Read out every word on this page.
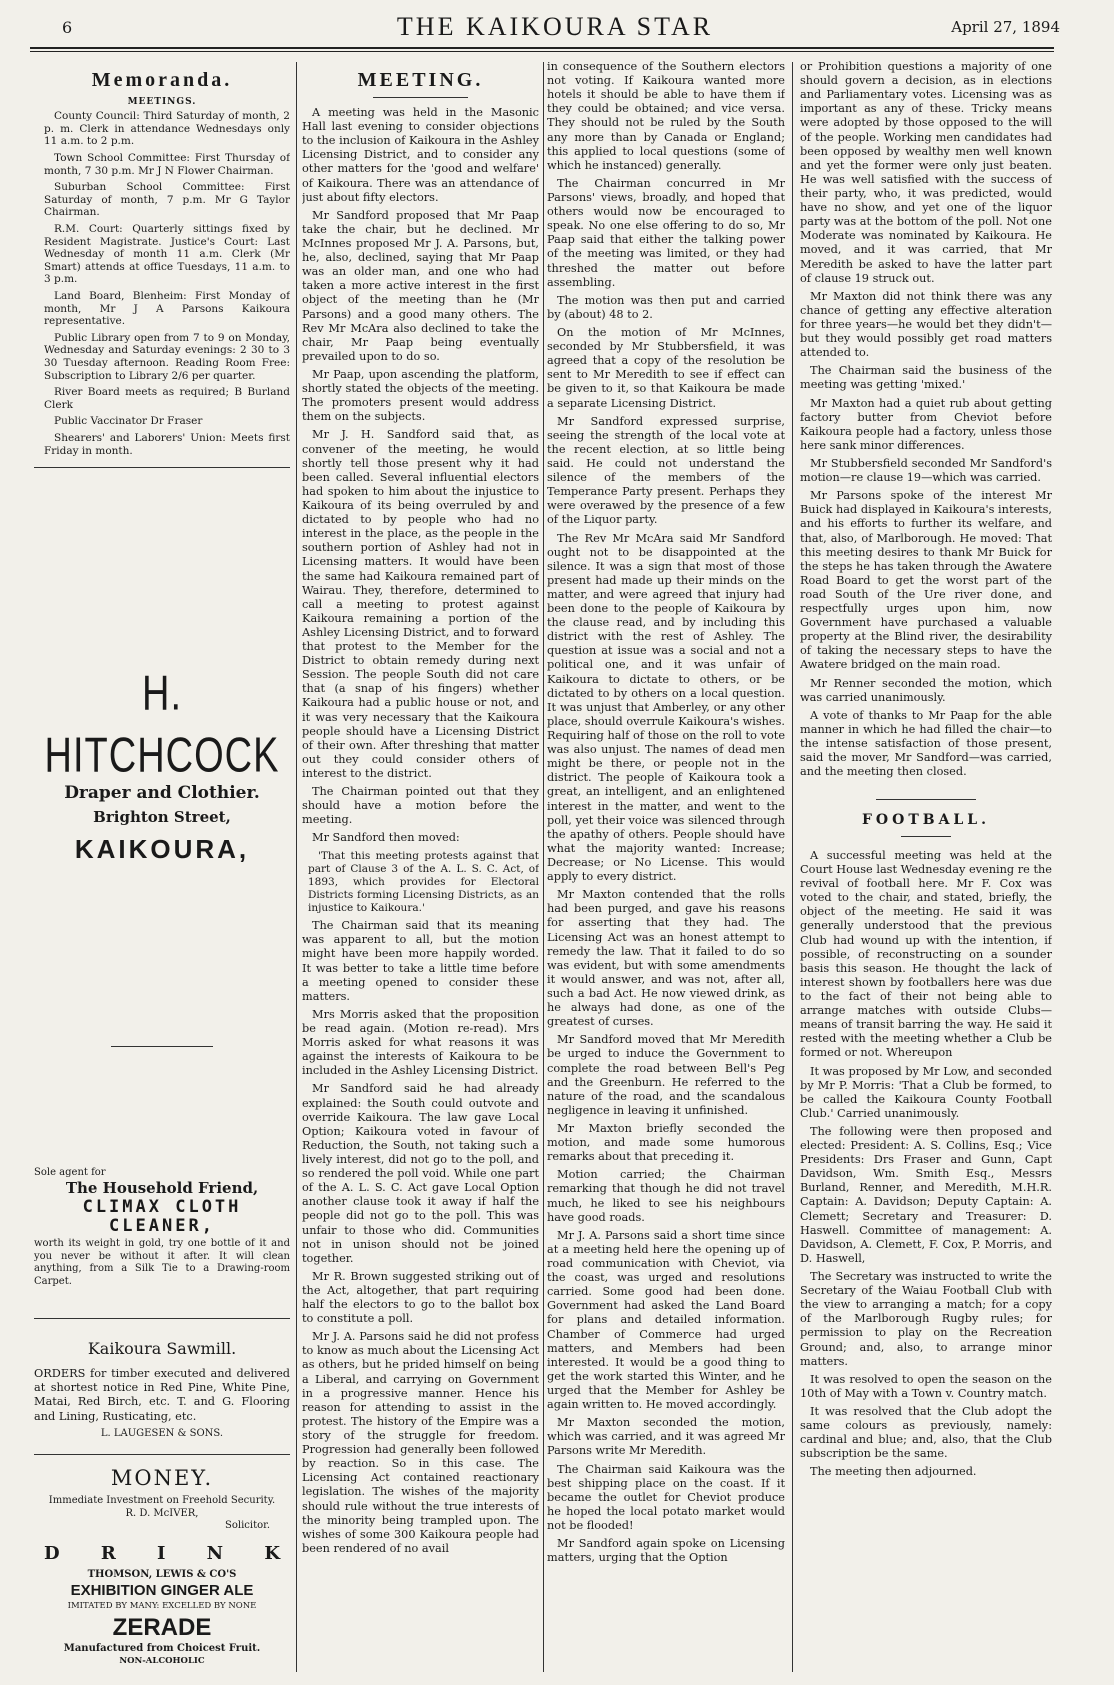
6	THE KAIKOURA STAR	April 27, 1894
Memoranda.
MEETINGS.

County Council: Third Saturday of month, 2 p. m. Clerk in attendance Wednesdays only 11 a.m. to 2 p.m.

Town School Committee: First Thursday of month, 7 30 p.m. Mr J N Flower Chairman.

Suburban School Committee: First Saturday of month, 7 p.m. Mr G Taylor Chairman.

R.M. Court: Quarterly sittings fixed by Resident Magistrate. Justice's Court: Last Wednesday of month 11 a.m. Clerk (Mr Smart) attends at office Tuesdays, 11 a.m. to 3 p.m.

Land Board, Blenheim: First Monday of month, Mr J A Parsons Kaikoura representative.

Public Library open from 7 to 9 on Monday, Wednesday and Saturday evenings: 2 30 to 3 30 Tuesday afternoon. Reading Room Free: Subscription to Library 2/6 per quarter.

River Board meets as required; B Burland Clerk

Public Vaccinator Dr Fraser

Shearers' and Laborers' Union: Meets first Friday in month.

H. HITCHCOCK
Draper and Clothier.
Brighton Street,
KAIKOURA,
Sole agent for
The Household Friend,
CLIMAX CLOTH
CLEANER,

worth its weight in gold, try one bottle of it and you never be without it after. It will clean anything, from a Silk Tie to a Drawing-room Carpet.

Kaikoura Sawmill.

ORDERS for timber executed and delivered at shortest notice in Red Pine, White Pine, Matai, Red Birch, etc. T. and G. Flooring and Lining, Rusticating, etc.

L. LAUGESEN & SONS.
MONEY.
Immediate Investment on Freehold Security.
R. D. McIVER,
Solicitor.
D R I N K
THOMSON, LEWIS & CO'S
EXHIBITION GINGER ALE
IMITATED BY MANY: EXCELLED BY NONE
ZERADE
Manufactured from Choicest Fruit.
NON-ALCOHOLIC
MEETING.

A meeting was held in the Masonic Hall last evening to consider objections to the inclusion of Kaikoura in the Ashley Licensing District, and to consider any other matters for the 'good and welfare' of Kaikoura. There was an attendance of just about fifty electors.

Mr Sandford proposed that Mr Paap take the chair, but he declined. Mr McInnes proposed Mr J. A. Parsons, but, he, also, declined, saying that Mr Paap was an older man, and one who had taken a more active interest in the first object of the meeting than he (Mr Parsons) and a good many others. The Rev Mr McAra also declined to take the chair, Mr Paap being eventually prevailed upon to do so.

Mr Paap, upon ascending the platform, shortly stated the objects of the meeting. The promoters present would address them on the subjects.

Mr J. H. Sandford said that, as convener of the meeting, he would shortly tell those present why it had been called. Several influential electors had spoken to him about the injustice to Kaikoura of its being overruled by and dictated to by people who had no interest in the place, as the people in the southern portion of Ashley had not in Licensing matters. It would have been the same had Kaikoura remained part of Wairau. They, therefore, determined to call a meeting to protest against Kaikoura remaining a portion of the Ashley Licensing District, and to forward that protest to the Member for the District to obtain remedy during next Session. The people South did not care that (a snap of his fingers) whether Kaikoura had a public house or not, and it was very necessary that the Kaikoura people should have a Licensing District of their own. After threshing that matter out they could consider others of interest to the district.

The Chairman pointed out that they should have a motion before the meeting.

Mr Sandford then moved:

'That this meeting protests against that part of Clause 3 of the A. L. S. C. Act, of 1893, which provides for Electoral Districts forming Licensing Districts, as an injustice to Kaikoura.'

The Chairman said that its meaning was apparent to all, but the motion might have been more happily worded. It was better to take a little time before a meeting opened to consider these matters.

Mrs Morris asked that the proposition be read again. (Motion re-read). Mrs Morris asked for what reasons it was against the interests of Kaikoura to be included in the Ashley Licensing District.

Mr Sandford said he had already explained: the South could outvote and override Kaikoura. The law gave Local Option; Kaikoura voted in favour of Reduction, the South, not taking such a lively interest, did not go to the poll, and so rendered the poll void. While one part of the A. L. S. C. Act gave Local Option another clause took it away if half the people did not go to the poll. This was unfair to those who did. Communities not in unison should not be joined together.

Mr R. Brown suggested striking out of the Act, altogether, that part requiring half the electors to go to the ballot box to constitute a poll.

Mr J. A. Parsons said he did not profess to know as much about the Licensing Act as others, but he prided himself on being a Liberal, and carrying on Government in a progressive manner. Hence his reason for attending to assist in the protest. The history of the Empire was a story of the struggle for freedom. Progression had generally been followed by reaction. So in this case. The Licensing Act contained reactionary legislation. The wishes of the majority should rule without the true interests of the minority being trampled upon. The wishes of some 300 Kaikoura people had been rendered of no avail

in consequence of the Southern electors not voting. If Kaikoura wanted more hotels it should be able to have them if they could be obtained; and vice versa. They should not be ruled by the South any more than by Canada or England; this applied to local questions (some of which he instanced) generally.

The Chairman concurred in Mr Parsons' views, broadly, and hoped that others would now be encouraged to speak. No one else offering to do so, Mr Paap said that either the talking power of the meeting was limited, or they had threshed the matter out before assembling.

The motion was then put and carried by (about) 48 to 2.

On the motion of Mr McInnes, seconded by Mr Stubbersfield, it was agreed that a copy of the resolution be sent to Mr Meredith to see if effect can be given to it, so that Kaikoura be made a separate Licensing District.

Mr Sandford expressed surprise, seeing the strength of the local vote at the recent election, at so little being said. He could not understand the silence of the members of the Temperance Party present. Perhaps they were overawed by the presence of a few of the Liquor party.

The Rev Mr McAra said Mr Sandford ought not to be disappointed at the silence. It was a sign that most of those present had made up their minds on the matter, and were agreed that injury had been done to the people of Kaikoura by the clause read, and by including this district with the rest of Ashley. The question at issue was a social and not a political one, and it was unfair of Kaikoura to dictate to others, or be dictated to by others on a local question. It was unjust that Amberley, or any other place, should overrule Kaikoura's wishes. Requiring half of those on the roll to vote was also unjust. The names of dead men might be there, or people not in the district. The people of Kaikoura took a great, an intelligent, and an enlightened interest in the matter, and went to the poll, yet their voice was silenced through the apathy of others. People should have what the majority wanted: Increase; Decrease; or No License. This would apply to every district.

Mr Maxton contended that the rolls had been purged, and gave his reasons for asserting that they had. The Licensing Act was an honest attempt to remedy the law. That it failed to do so was evident, but with some amendments it would answer, and was not, after all, such a bad Act. He now viewed drink, as he always had done, as one of the greatest of curses.

Mr Sandford moved that Mr Meredith be urged to induce the Government to complete the road between Bell's Peg and the Greenburn. He referred to the nature of the road, and the scandalous negligence in leaving it unfinished.

Mr Maxton briefly seconded the motion, and made some humorous remarks about that preceding it.

Motion carried; the Chairman remarking that though he did not travel much, he liked to see his neighbours have good roads.

Mr J. A. Parsons said a short time since at a meeting held here the opening up of road communication with Cheviot, via the coast, was urged and resolutions carried. Some good had been done. Government had asked the Land Board for plans and detailed information. Chamber of Commerce had urged matters, and Members had been interested. It would be a good thing to get the work started this Winter, and he urged that the Member for Ashley be again written to. He moved accordingly.

Mr Maxton seconded the motion, which was carried, and it was agreed Mr Parsons write Mr Meredith.

The Chairman said Kaikoura was the best shipping place on the coast. If it became the outlet for Cheviot produce he hoped the local potato market would not be flooded!

Mr Sandford again spoke on Licensing matters, urging that the Option

or Prohibition questions a majority of one should govern a decision, as in elections and Parliamentary votes. Licensing was as important as any of these. Tricky means were adopted by those opposed to the will of the people. Working men candidates had been opposed by wealthy men well known and yet the former were only just beaten. He was well satisfied with the success of their party, who, it was predicted, would have no show, and yet one of the liquor party was at the bottom of the poll. Not one Moderate was nominated by Kaikoura. He moved, and it was carried, that Mr Meredith be asked to have the latter part of clause 19 struck out.

Mr Maxton did not think there was any chance of getting any effective alteration for three years—he would bet they didn't—but they would possibly get road matters attended to.

The Chairman said the business of the meeting was getting 'mixed.'

Mr Maxton had a quiet rub about getting factory butter from Cheviot before Kaikoura people had a factory, unless those here sank minor differences.

Mr Stubbersfield seconded Mr Sandford's motion—re clause 19—which was carried.

Mr Parsons spoke of the interest Mr Buick had displayed in Kaikoura's interests, and his efforts to further its welfare, and that, also, of Marlborough. He moved: That this meeting desires to thank Mr Buick for the steps he has taken through the Awatere Road Board to get the worst part of the road South of the Ure river done, and respectfully urges upon him, now Government have purchased a valuable property at the Blind river, the desirability of taking the necessary steps to have the Awatere bridged on the main road.

Mr Renner seconded the motion, which was carried unanimously.

A vote of thanks to Mr Paap for the able manner in which he had filled the chair—to the intense satisfaction of those present, said the mover, Mr Sandford—was carried, and the meeting then closed.

FOOTBALL.

A successful meeting was held at the Court House last Wednesday evening re the revival of football here. Mr F. Cox was voted to the chair, and stated, briefly, the object of the meeting. He said it was generally understood that the previous Club had wound up with the intention, if possible, of reconstructing on a sounder basis this season. He thought the lack of interest shown by footballers here was due to the fact of their not being able to arrange matches with outside Clubs—means of transit barring the way. He said it rested with the meeting whether a Club be formed or not. Whereupon

It was proposed by Mr Low, and seconded by Mr P. Morris: 'That a Club be formed, to be called the Kaikoura County Football Club.' Carried unanimously.

The following were then proposed and elected: President: A. S. Collins, Esq.; Vice Presidents: Drs Fraser and Gunn, Capt Davidson, Wm. Smith Esq., Messrs Burland, Renner, and Meredith, M.H.R. Captain: A. Davidson; Deputy Captain: A. Clemett; Secretary and Treasurer: D. Haswell. Committee of management: A. Davidson, A. Clemett, F. Cox, P. Morris, and D. Haswell,

The Secretary was instructed to write the Secretary of the Waiau Football Club with the view to arranging a match; for a copy of the Marlborough Rugby rules; for permission to play on the Recreation Ground; and, also, to arrange minor matters.

It was resolved to open the season on the 10th of May with a Town v. Country match.

It was resolved that the Club adopt the same colours as previously, namely: cardinal and blue; and, also, that the Club subscription be the same.

The meeting then adjourned.
